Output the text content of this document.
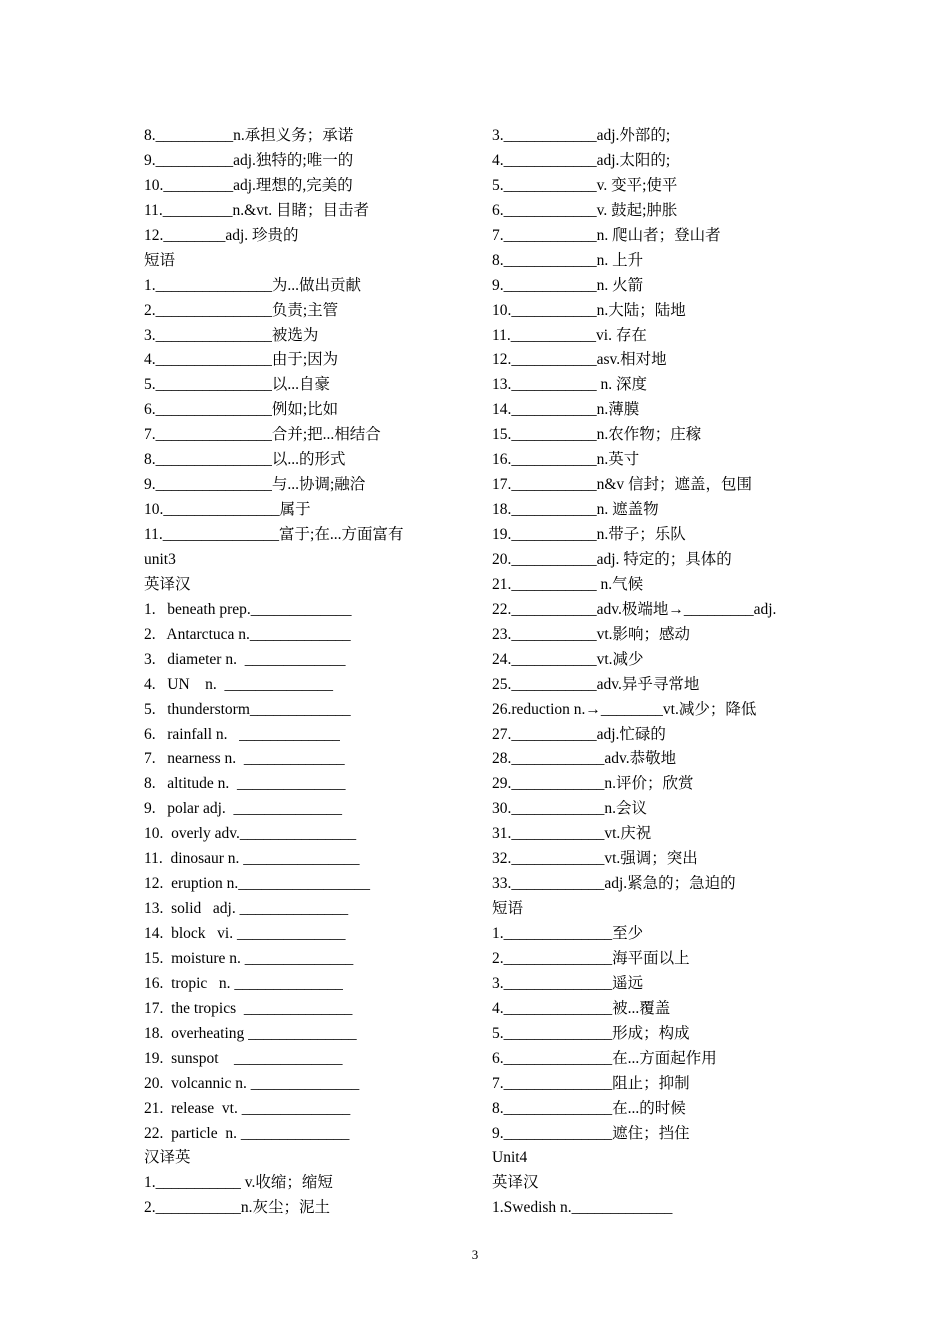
8.__________n.承担义务；承诺
9.__________adj.独特的;唯一的
10._________adj.理想的,完美的
11._________n.&vt. 目睹；目击者
12.________adj. 珍贵的
短语
1._______________为...做出贡献
2._______________负责;主管
3._______________被选为
4._______________由于;因为
5._______________以...自豪
6._______________例如;比如
7._______________合并;把...相结合
8._______________以...的形式
9._______________与...协调;融洽
10._______________属于
11._______________富于;在...方面富有
unit3
英译汉
1.   beneath prep._____________
2.   Antarctuca n._____________
3.   diameter n.  _____________
4.   UN    n.  ______________
5.   thunderstorm_____________
6.   rainfall n.   _____________
7.   nearness n.  _____________
8.   altitude n.  ______________
9.   polar adj.  ______________
10.  overly adv._______________
11.  dinosaur n. _______________
12.  eruption n._________________
13.  solid   adj. ______________
14.  block   vi. ______________
15.  moisture n. ______________
16.  tropic   n. ______________
17.  the tropics  ______________
18.  overheating ______________
19.  sunspot    ______________
20.  volcannic n. ______________
21.  release  vt. ______________
22.  particle  n. ______________
汉译英
1.___________ v.收缩；缩短
2.___________n.灰尘；泥土
3.____________adj.外部的;
4.____________adj.太阳的;
5.____________v. 变平;使平
6.____________v. 鼓起;肿胀
7.____________n. 爬山者；登山者
8.____________n. 上升
9.____________n. 火箭
10.___________n.大陆；陆地
11.___________vi. 存在
12.___________asv.相对地
13.___________ n. 深度
14.___________n.薄膜
15.___________n.农作物；庄稼
16.___________n.英寸
17.___________n&v 信封；遮盖，包围
18.___________n. 遮盖物
19.___________n.带子；乐队
20.___________adj. 特定的；具体的
21.___________ n.气候
22.___________adv.极端地→_________adj.
23.___________vt.影响；感动
24.___________vt.减少
25.___________adv.异乎寻常地
26.reduction n.→________vt.减少；降低
27.___________adj.忙碌的
28.____________adv.恭敬地
29.____________n.评价；欣赏
30.____________n.会议
31.____________vt.庆祝
32.____________vt.强调；突出
33.____________adj.紧急的；急迫的
短语
1.______________至少
2.______________海平面以上
3.______________遥远
4.______________被...覆盖
5.______________形成；构成
6.______________在...方面起作用
7.______________阻止；抑制
8.______________在...的时候
9.______________遮住；挡住
Unit4
英译汉
1.Swedish n._____________
3
